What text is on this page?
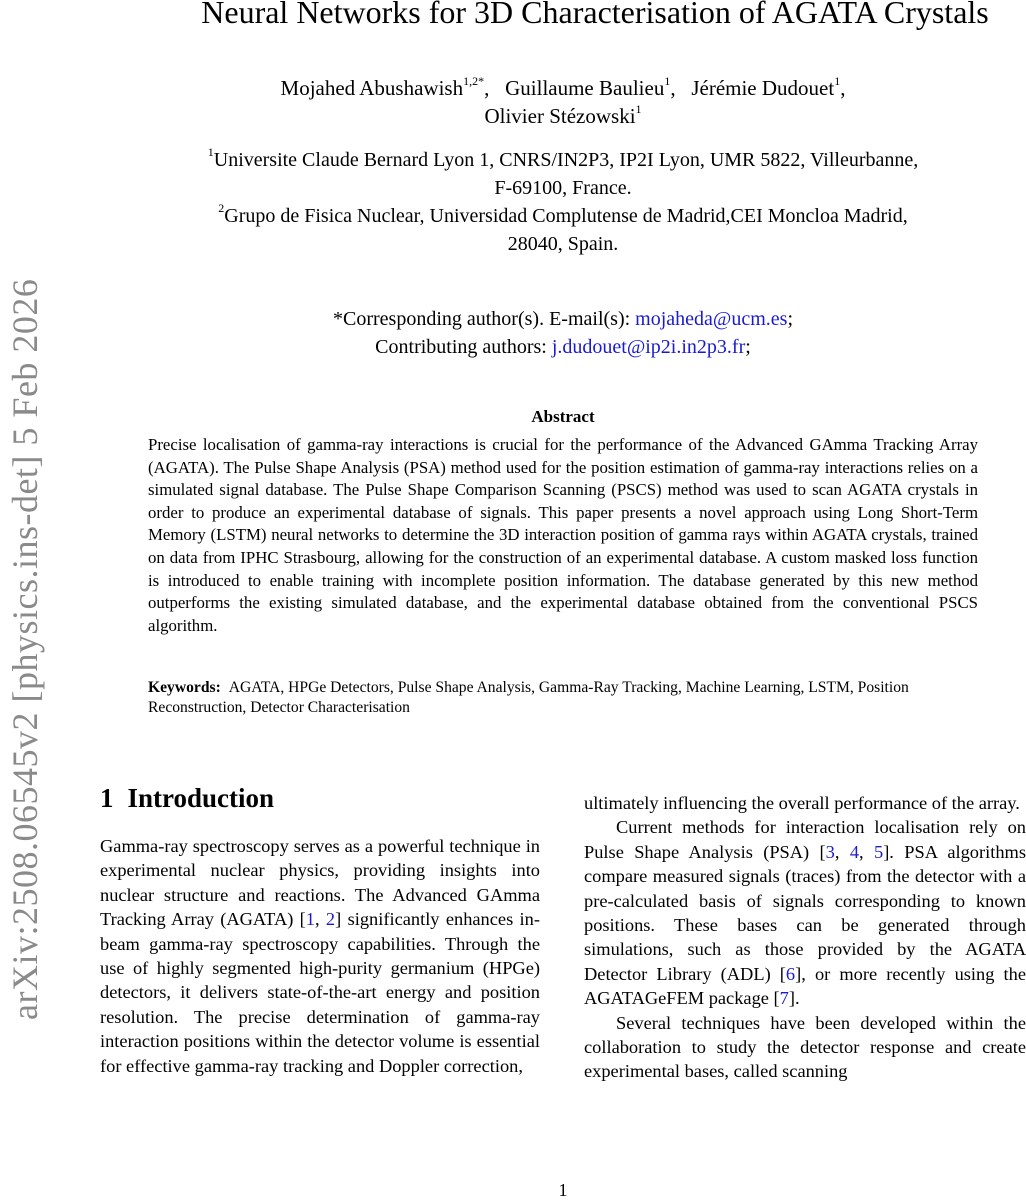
arXiv:2508.06545v2 [physics.ins-det] 5 Feb 2026
Neural Networks for 3D Characterisation of AGATA Crystals
Mojahed Abushawish$^{1,2*}$,   Guillaume Baulieu$^1$,   Jérémie Dudouet$^1$,
Olivier Stézowski$^1$
$^1$Universite Claude Bernard Lyon 1, CNRS/IN2P3, IP2I Lyon, UMR 5822, Villeurbanne,
F-69100, France.
$^2$Grupo de Fisica Nuclear, Universidad Complutense de Madrid,CEI Moncloa Madrid,
28040, Spain.
*Corresponding author(s). E-mail(s): mojaheda@ucm.es;
Contributing authors: j.dudouet@ip2i.in2p3.fr;
Abstract
Precise localisation of gamma-ray interactions is crucial for the performance of the Advanced GAmma Tracking Array (AGATA). The Pulse Shape Analysis (PSA) method used for the position estimation of gamma-ray interactions relies on a simulated signal database. The Pulse Shape Comparison Scanning (PSCS) method was used to scan AGATA crystals in order to produce an experimental database of signals. This paper presents a novel approach using Long Short-Term Memory (LSTM) neural networks to determine the 3D interaction position of gamma rays within AGATA crystals, trained on data from IPHC Strasbourg, allowing for the construction of an experimental database. A custom masked loss function is introduced to enable training with incomplete position information. The database generated by this new method outperforms the existing simulated database, and the experimental database obtained from the conventional PSCS algorithm.
Keywords: AGATA, HPGe Detectors, Pulse Shape Analysis, Gamma-Ray Tracking, Machine Learning, LSTM, Position Reconstruction, Detector Characterisation
1 Introduction

Gamma-ray spectroscopy serves as a powerful technique in experimental nuclear physics, providing insights into nuclear structure and reactions. The Advanced GAmma Tracking Array (AGATA) [1, 2] significantly enhances in-beam gamma-ray spectroscopy capabilities. Through the use of highly segmented high-purity germanium (HPGe) detectors, it delivers state-of-the-art energy and position resolution. The precise determination of gamma-ray interaction positions within the detector volume is essential for effective gamma-ray tracking and Doppler correction,

ultimately influencing the overall performance of the array.

Current methods for interaction localisation rely on Pulse Shape Analysis (PSA) [3, 4, 5]. PSA algorithms compare measured signals (traces) from the detector with a pre-calculated basis of signals corresponding to known positions. These bases can be generated through simulations, such as those provided by the AGATA Detector Library (ADL) [6], or more recently using the AGATAGeFEM package [7].

Several techniques have been developed within the collaboration to study the detector response and create experimental bases, called scanning

1
